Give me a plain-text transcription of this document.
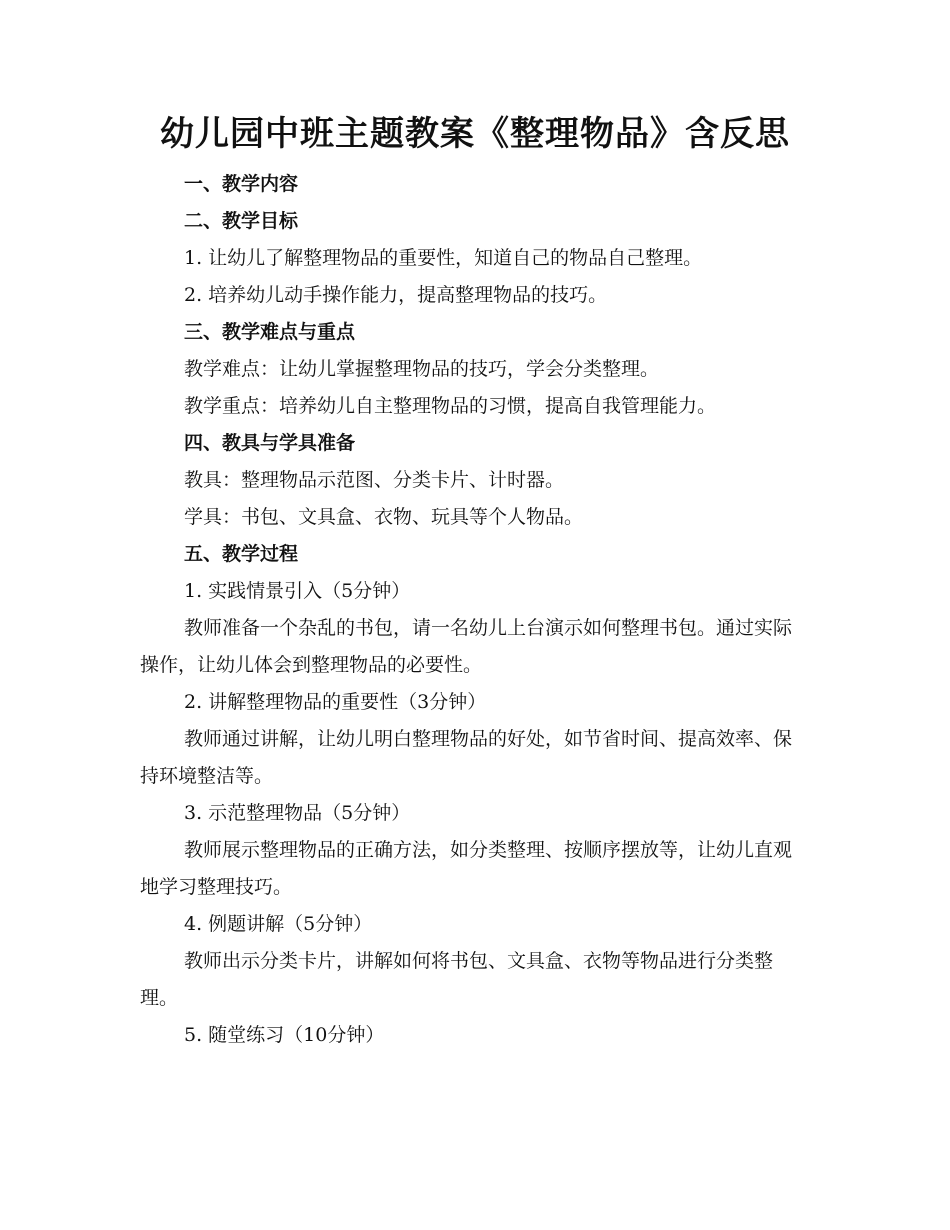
幼儿园中班主题教案《整理物品》含反思

一、教学内容

二、教学目标

1. 让幼儿了解整理物品的重要性，知道自己的物品自己整理。

2. 培养幼儿动手操作能力，提高整理物品的技巧。

三、教学难点与重点

教学难点：让幼儿掌握整理物品的技巧，学会分类整理。

教学重点：培养幼儿自主整理物品的习惯，提高自我管理能力。

四、教具与学具准备

教具：整理物品示范图、分类卡片、计时器。

学具：书包、文具盒、衣物、玩具等个人物品。

五、教学过程

1. 实践情景引入（5分钟）

教师准备一个杂乱的书包，请一名幼儿上台演示如何整理书包。通过实际操作，让幼儿体会到整理物品的必要性。

2. 讲解整理物品的重要性（3分钟）

教师通过讲解，让幼儿明白整理物品的好处，如节省时间、提高效率、保持环境整洁等。

3. 示范整理物品（5分钟）

教师展示整理物品的正确方法，如分类整理、按顺序摆放等，让幼儿直观地学习整理技巧。

4. 例题讲解（5分钟）

教师出示分类卡片，讲解如何将书包、文具盒、衣物等物品进行分类整理。

5. 随堂练习（10分钟）
